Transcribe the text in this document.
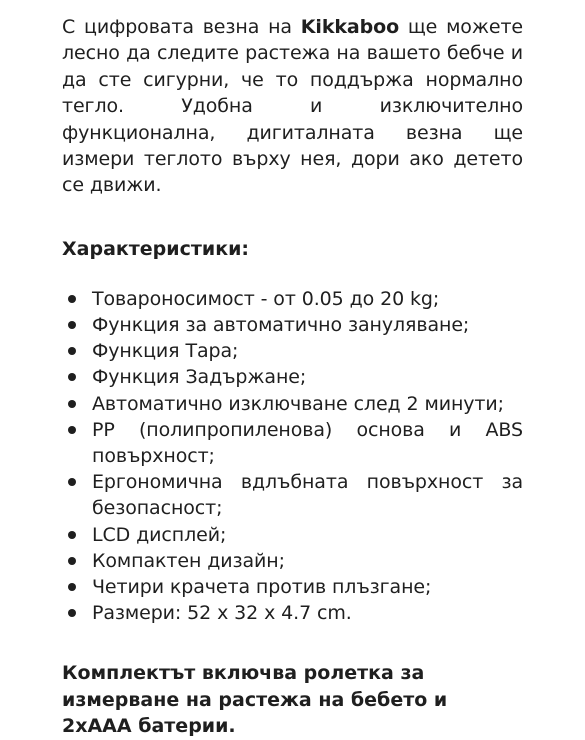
С цифровата везна на Kikkaboo ще можете лесно да следите растежа на вашето бебче и да сте сигурни, че то поддържа нормално тегло. Удобна и изключително функционална, дигиталната везна ще измери теглото върху нея, дори ако детето се движи.

Характеристики:
Товароносимост - от 0.05 до 20 kg;
Функция за автоматично зануляване;
Функция Тара;
Функция Задържане;
Автоматично изключване след 2 минути;
PP (полипропиленова) основа и ABS повърхност;
Ергономична вдлъбната повърхност за безопасност;
LCD дисплей;
Компактен дизайн;
Четири крачета против плъзгане;
Размери: 52 x 32 x 4.7 cm.

Комплектът включва ролетка за измерване на растежа на бебето и 2хААА батерии.
